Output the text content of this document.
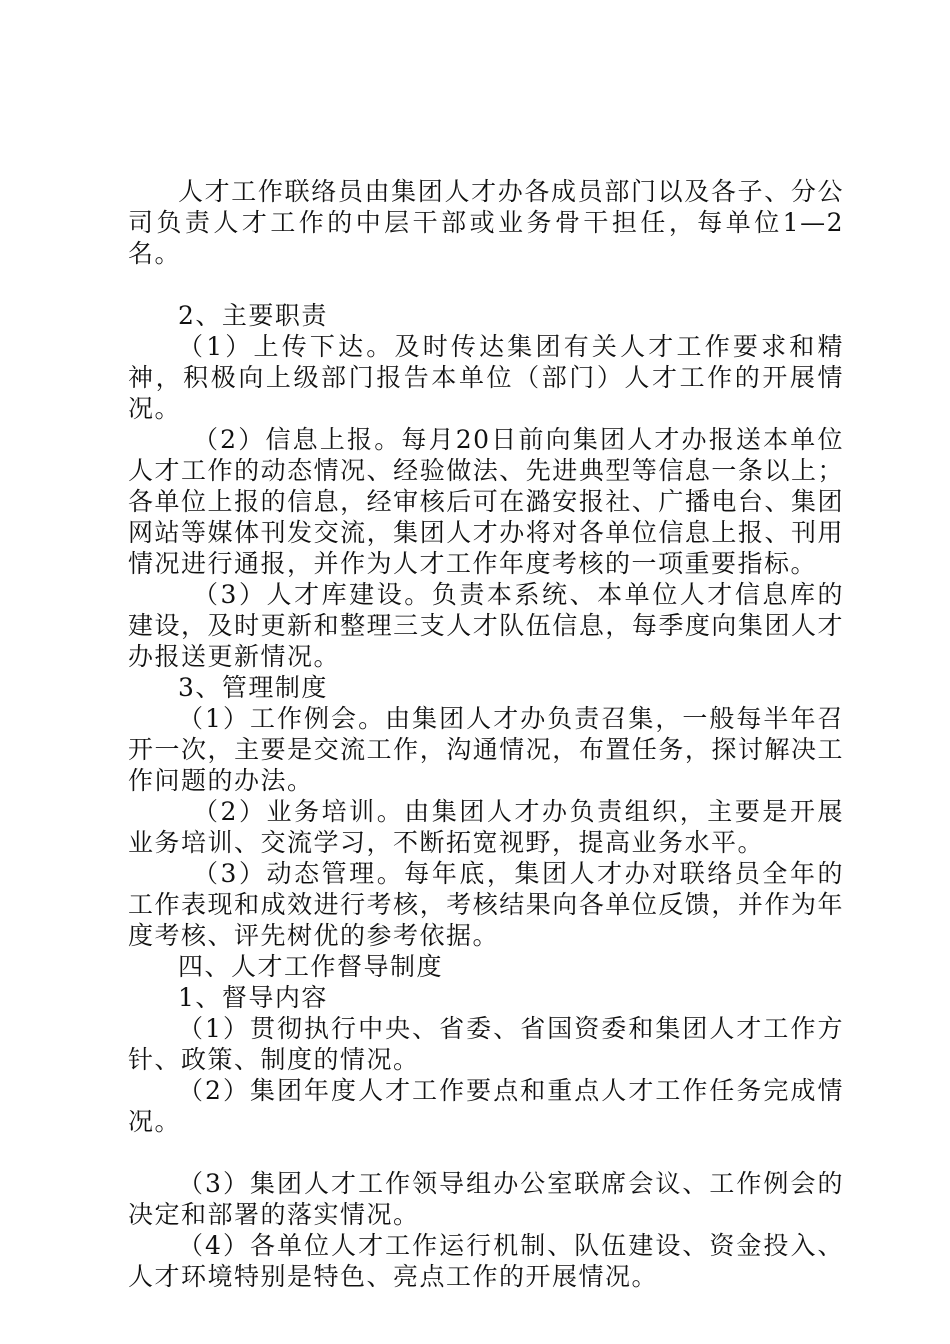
人才工作联络员由集团人才办各成员部门以及各子、分公司负责人才工作的中层干部或业务骨干担任，每单位1—2名。

2、主要职责

（1）上传下达。及时传达集团有关人才工作要求和精神，积极向上级部门报告本单位（部门）人才工作的开展情况。

（2）信息上报。每月20日前向集团人才办报送本单位人才工作的动态情况、经验做法、先进典型等信息一条以上；各单位上报的信息，经审核后可在潞安报社、广播电台、集团网站等媒体刊发交流，集团人才办将对各单位信息上报、刊用情况进行通报，并作为人才工作年度考核的一项重要指标。

（3）人才库建设。负责本系统、本单位人才信息库的建设，及时更新和整理三支人才队伍信息，每季度向集团人才办报送更新情况。

3、管理制度

（1）工作例会。由集团人才办负责召集，一般每半年召开一次，主要是交流工作，沟通情况，布置任务，探讨解决工作问题的办法。

（2）业务培训。由集团人才办负责组织，主要是开展业务培训、交流学习，不断拓宽视野，提高业务水平。

（3）动态管理。每年底，集团人才办对联络员全年的工作表现和成效进行考核，考核结果向各单位反馈，并作为年度考核、评先树优的参考依据。

四、人才工作督导制度

1、督导内容

（1）贯彻执行中央、省委、省国资委和集团人才工作方针、政策、制度的情况。

（2）集团年度人才工作要点和重点人才工作任务完成情况。

（3）集团人才工作领导组办公室联席会议、工作例会的决定和部署的落实情况。

（4）各单位人才工作运行机制、队伍建设、资金投入、人才环境特别是特色、亮点工作的开展情况。
